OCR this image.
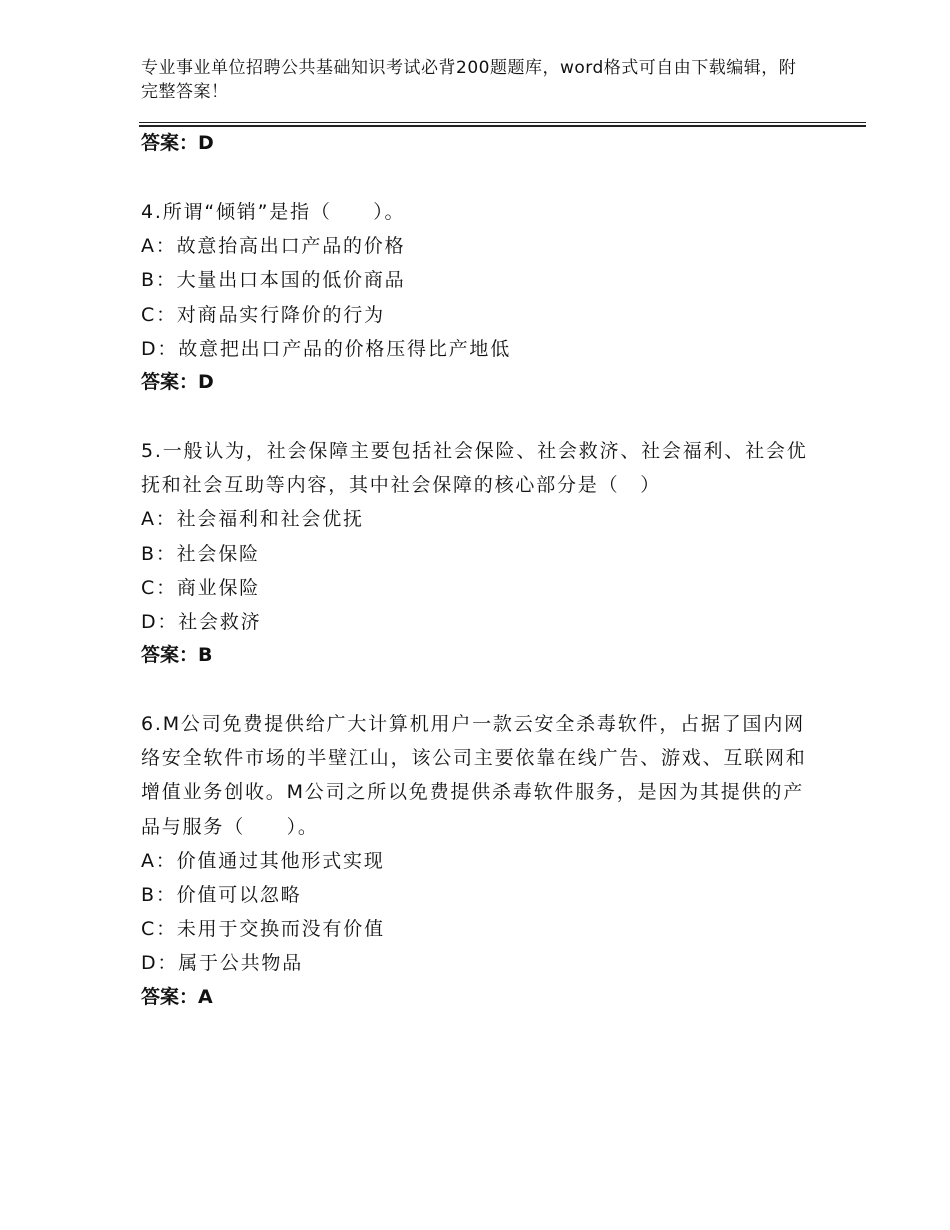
专业事业单位招聘公共基础知识考试必背200题题库，word格式可自由下载编辑，附完整答案！
答案：D

4.所谓“倾销”是指（　　）。

A：故意抬高出口产品的价格

B：大量出口本国的低价商品

C：对商品实行降价的行为

D：故意把出口产品的价格压得比产地低

答案：D

5.一般认为，社会保障主要包括社会保险、社会救济、社会福利、社会优抚和社会互助等内容，其中社会保障的核心部分是（　）

A：社会福利和社会优抚

B：社会保险

C：商业保险

D：社会救济

答案：B

6.M公司免费提供给广大计算机用户一款云安全杀毒软件，占据了国内网络安全软件市场的半壁江山，该公司主要依靠在线广告、游戏、互联网和增值业务创收。M公司之所以免费提供杀毒软件服务，是因为其提供的产品与服务（　　）。

A：价值通过其他形式实现

B：价值可以忽略

C：未用于交换而没有价值

D：属于公共物品

答案：A
